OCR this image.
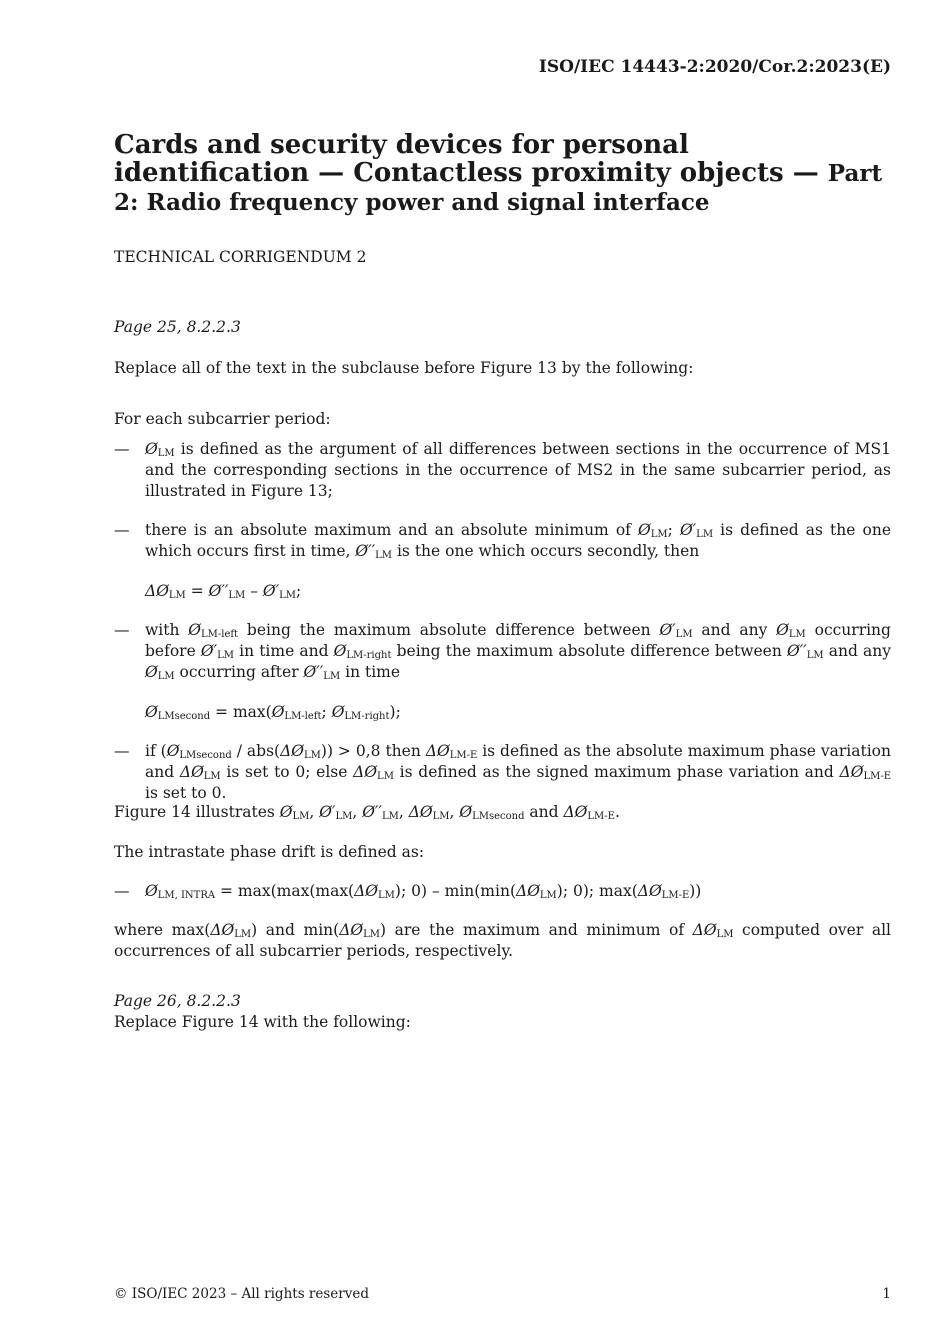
ISO/IEC 14443-2:2020/Cor.2:2023(E)
Cards and security devices for personal identification — Contactless proximity objects — Part 2: Radio frequency power and signal interface
TECHNICAL CORRIGENDUM 2
Page 25, 8.2.2.3
Replace all of the text in the subclause before Figure 13 by the following:
For each subcarrier period:
— $Ø_{LM}$ is defined as the argument of all differences between sections in the occurrence of MS1 and the corresponding sections in the occurrence of MS2 in the same subcarrier period, as illustrated in Figure 13;
— there is an absolute maximum and an absolute minimum of $Ø_{LM}$; $Ø'_{LM}$ is defined as the one which occurs first in time, $Ø''_{LM}$ is the one which occurs secondly, then
$\Delta Ø_{LM}$ = $Ø''_{LM}$ – $Ø'_{LM}$;
— with $Ø_{LM-left}$ being the maximum absolute difference between $Ø'_{LM}$ and any $Ø_{LM}$ occurring before $Ø'_{LM}$ in time and $Ø_{LM-right}$ being the maximum absolute difference between $Ø''_{LM}$ and any $Ø_{LM}$ occurring after $Ø''_{LM}$ in time
$Ø_{LMsecond}$ = $\max(Ø_{LM-left}$; $Ø_{LM-right}$);
— if ($Ø_{LMsecond}$ / $abs(\Delta Ø_{LM})) > 0,8$ then $\Delta Ø_{LM-E}$ is defined as the absolute maximum phase variation and $\Delta Ø_{LM}$ is set to 0; else $\Delta Ø_{LM}$ is defined as the signed maximum phase variation and $\Delta Ø_{LM-E}$ is set to 0.
Figure 14 illustrates $Ø_{LM}$, $Ø'_{LM}$, $Ø''_{LM}$, $\Delta Ø_{LM}$, $Ø_{LMsecond}$ and $\Delta Ø_{LM-E}$.
The intrastate phase drift is defined as:
— $Ø_{LM, INTRA}$ = $\max(\max(\max(\Delta Ø_{LM})$; $0) - \min(\min(\Delta Ø_{LM})$; 0); $\max(\Delta Ø_{LM-E})$)
where $\max(\Delta Ø_{LM})$ and $\min(\Delta Ø_{LM})$ are the maximum and minimum of $\Delta Ø_{LM}$ computed over all occurrences of all subcarrier periods, respectively.
Page 26, 8.2.2.3
Replace Figure 14 with the following:
© ISO/IEC 2023 – All rights reserved	1
